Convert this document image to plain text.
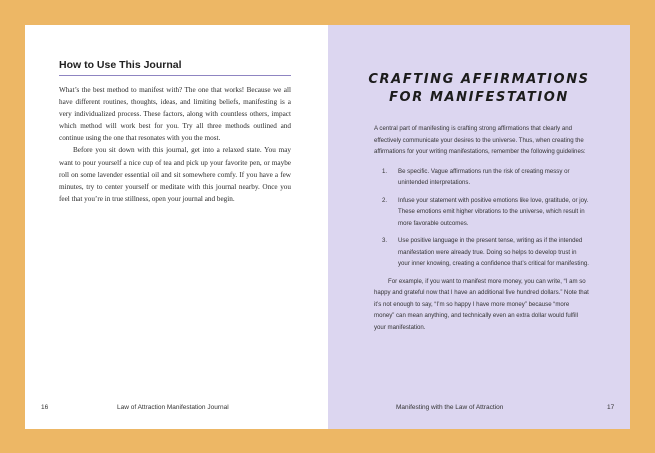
How to Use This Journal

What’s the best method to manifest with? The one that works! Because we all have different routines, thoughts, ideas, and limiting beliefs, manifesting is a very individualized process. These factors, along with countless others, impact which method will work best for you. Try all three methods outlined and continue using the one that resonates with you the most.

Before you sit down with this journal, get into a relaxed state. You may want to pour yourself a nice cup of tea and pick up your favorite pen, or maybe roll on some lavender essential oil and sit somewhere comfy. If you have a few minutes, try to center yourself or meditate with this journal nearby. Once you feel that you’re in true stillness, open your journal and begin.

16	Law of Attraction Manifestation Journal
CRAFTING AFFIRMATIONS
FOR MANIFESTATION

A central part of manifesting is crafting strong affirmations that clearly and effectively communicate your desires to the universe. Thus, when creating the affirmations for your writing manifestations, remember the following guidelines:

1. Be specific. Vague affirmations run the risk of creating messy or unintended interpretations.
2. Infuse your statement with positive emotions like love, gratitude, or joy. These emotions emit higher vibrations to the universe, which result in more favorable outcomes.
3. Use positive language in the present tense, writing as if the intended manifestation were already true. Doing so helps to develop trust in your inner knowing, creating a confidence that’s critical for manifesting.

For example, if you want to manifest more money, you can write, “I am so happy and grateful now that I have an additional five hundred dollars.” Note that it’s not enough to say, “I’m so happy I have more money” because “more money” can mean anything, and technically even an extra dollar would fulfill your manifestation.

Manifesting with the Law of Attraction	17
